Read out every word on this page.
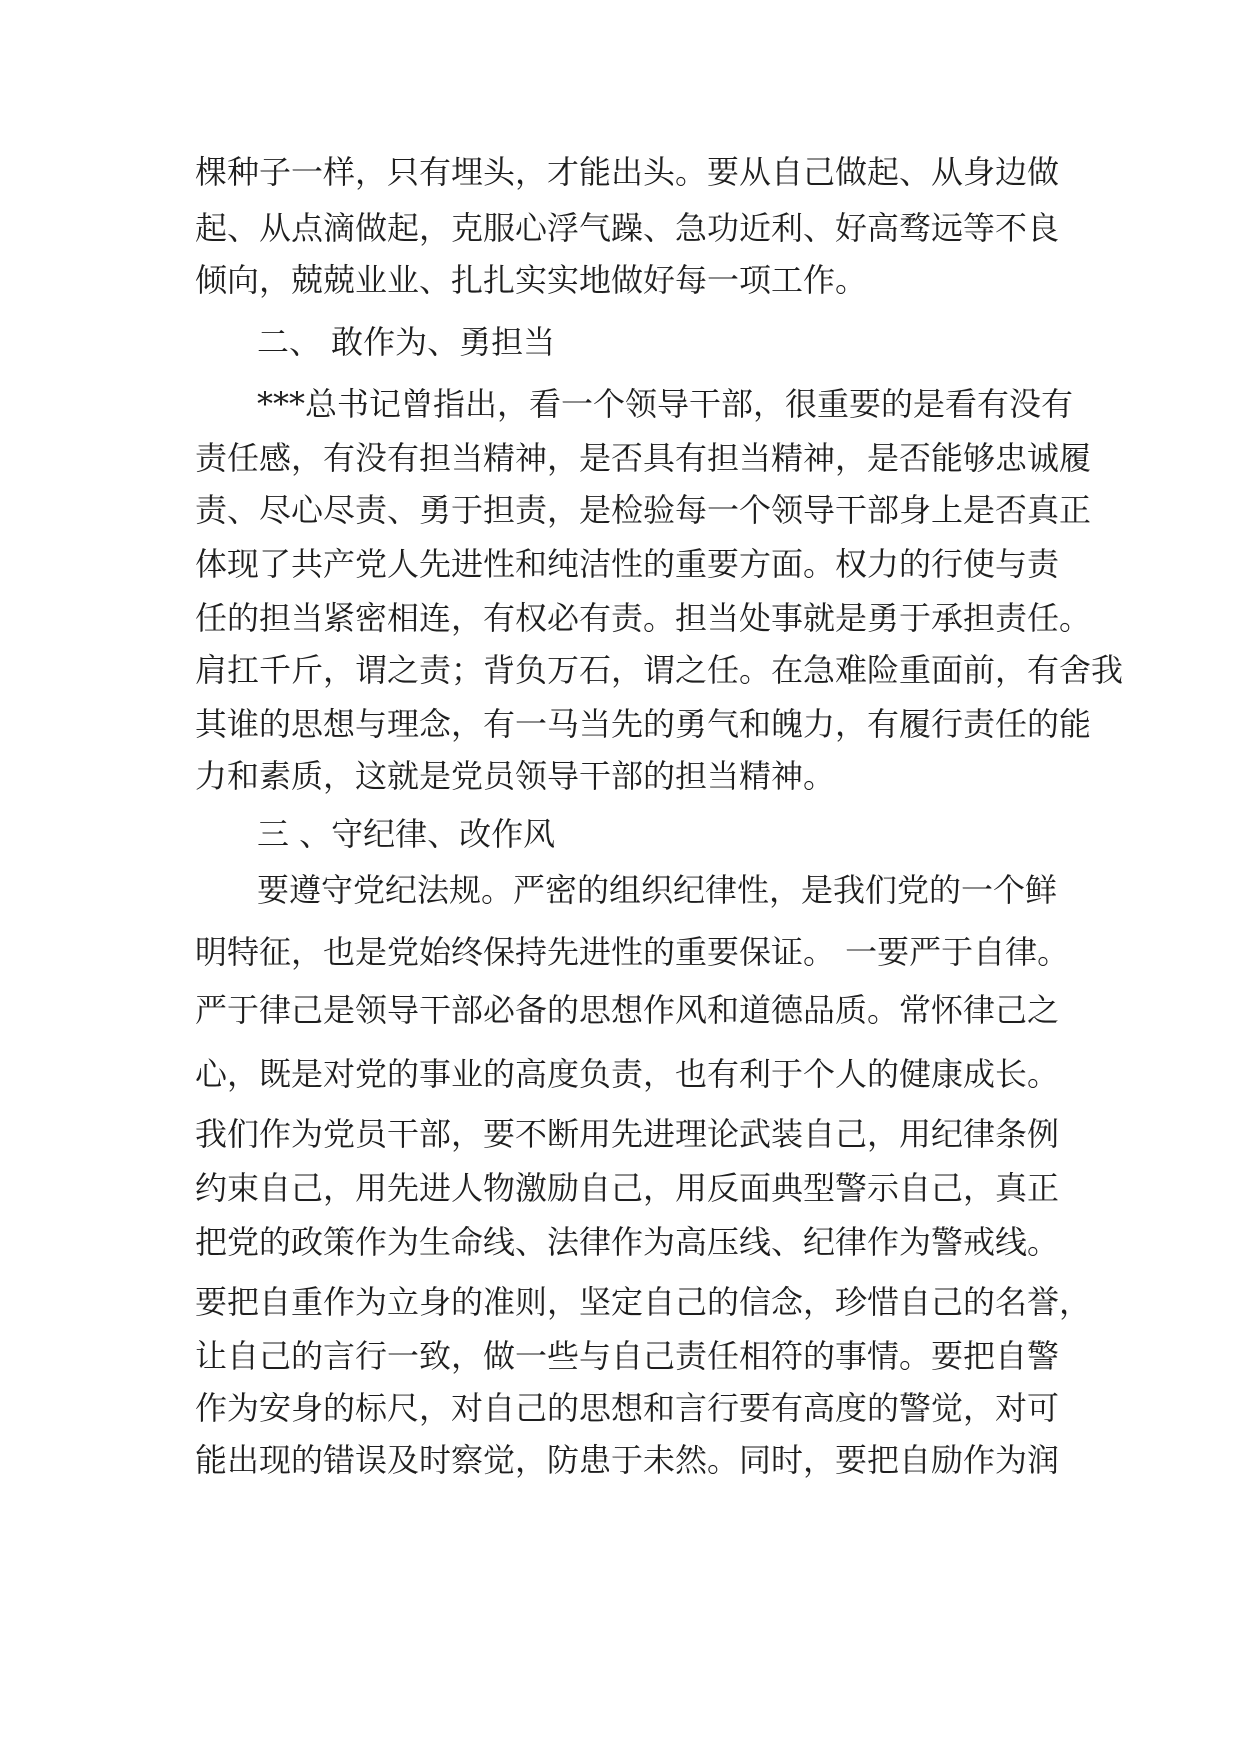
棵种子一样，只有埋头，才能出头。要从自己做起、从身边做
起、从点滴做起，克服心浮气躁、急功近利、好高骛远等不良
倾向，兢兢业业、扎扎实实地做好每一项工作。
二、 敢作为、勇担当
***总书记曾指出，看一个领导干部，很重要的是看有没有
责任感，有没有担当精神，是否具有担当精神，是否能够忠诚履
责、尽心尽责、勇于担责，是检验每一个领导干部身上是否真正
体现了共产党人先进性和纯洁性的重要方面。权力的行使与责
任的担当紧密相连，有权必有责。担当处事就是勇于承担责任。
肩扛千斤，谓之责；背负万石，谓之任。在急难险重面前，有舍我
其谁的思想与理念，有一马当先的勇气和魄力，有履行责任的能
力和素质，这就是党员领导干部的担当精神。
三 、守纪律、改作风
要遵守党纪法规。严密的组织纪律性，是我们党的一个鲜
明特征，也是党始终保持先进性的重要保证。 一要严于自律。
严于律己是领导干部必备的思想作风和道德品质。常怀律己之
心，既是对党的事业的高度负责，也有利于个人的健康成长。
我们作为党员干部，要不断用先进理论武装自己，用纪律条例
约束自己，用先进人物激励自己，用反面典型警示自己，真正
把党的政策作为生命线、法律作为高压线、纪律作为警戒线。
要把自重作为立身的准则，坚定自己的信念，珍惜自己的名誉，
让自己的言行一致，做一些与自己责任相符的事情。要把自警
作为安身的标尺，对自己的思想和言行要有高度的警觉，对可
能出现的错误及时察觉，防患于未然。同时，要把自励作为润
